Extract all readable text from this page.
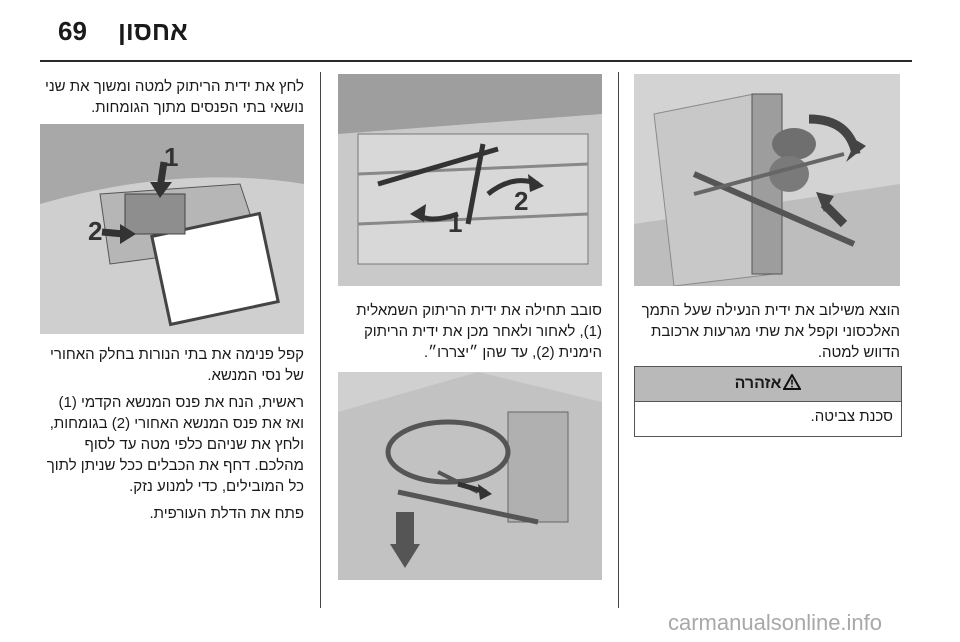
69 אחסון

הוצא משילוב את ידית הנעילה שעל התמך האלכסוני וקפל את שתי מגרעות ארכובת הדווש למטה.

אזהרה
סכנת צביטה.
1
2

סובב תחילה את ידית הריתוק השמאלית (1), לאחור ולאחר מכן את ידית הריתוק הימנית (2), עד שהן ״יצררו״.

לחץ את ידית הריתוק למטה ומשוך את שני נושאי בתי הפנסים מתוך הגומחות.

1
2

קפל פנימה את בתי הנורות בחלק האחורי של נסי המנשא.

ראשית, הנח את פנס המנשא הקדמי (1) ואז את פנס המנשא האחורי (2) בגומחות, ולחץ את שניהם כלפי מטה עד לסוף מהלכם. דחף את הכבלים ככל שניתן לתוך כל המובילים, כדי למנוע נזק.

פתח את הדלת העורפית.

carmanualsonline.info
